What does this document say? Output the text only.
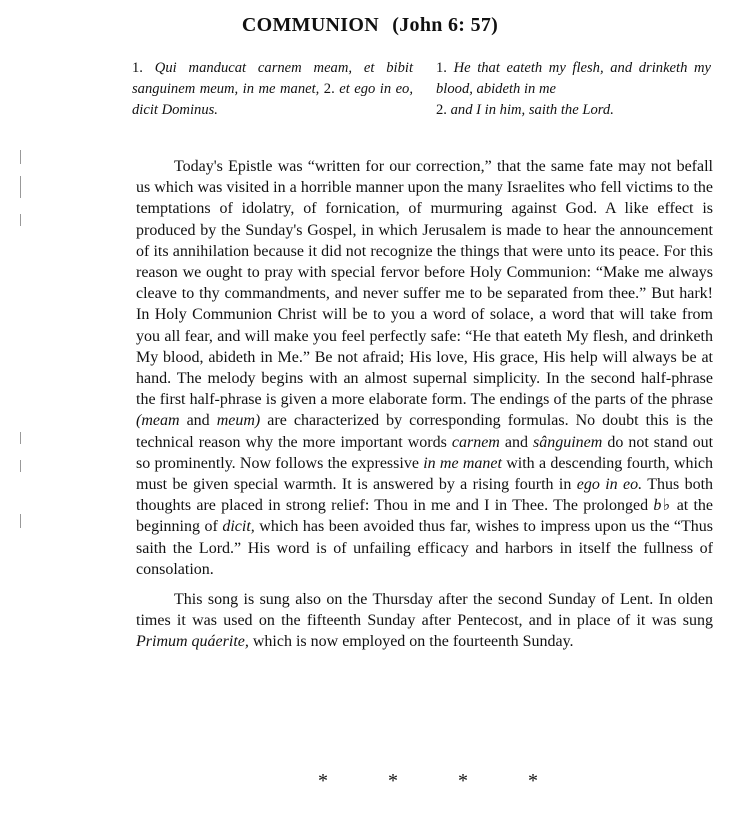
COMMUNION (John 6: 57)
1. Qui manducat carnem meam, et bibit sanguinem meum, in me manet, 2. et ego in eo, dicit Dominus.
1. He that eateth my flesh, and drinketh my blood, abideth in me
2. and I in him, saith the Lord.

Today's Epistle was “written for our correction,” that the same fate may not befall us which was visited in a horrible manner upon the many Israelites who fell victims to the temptations of idolatry, of fornication, of murmuring against God. A like effect is produced by the Sunday's Gospel, in which Jerusalem is made to hear the announcement of its annihilation because it did not recognize the things that were unto its peace. For this reason we ought to pray with special fervor before Holy Communion: “Make me always cleave to thy commandments, and never suffer me to be separated from thee.” But hark! In Holy Communion Christ will be to you a word of solace, a word that will take from you all fear, and will make you feel perfectly safe: “He that eateth My flesh, and drinketh My blood, abideth in Me.” Be not afraid; His love, His grace, His help will always be at hand. The melody begins with an almost supernal simplicity. In the second half-phrase the first half-phrase is given a more elaborate form. The endings of the parts of the phrase (meam and meum) are characterized by corresponding formulas. No doubt this is the technical reason why the more important words carnem and sânguinem do not stand out so prominently. Now follows the expressive in me manet with a descending fourth, which must be given special warmth. It is answered by a rising fourth in ego in eo. Thus both thoughts are placed in strong relief: Thou in me and I in Thee. The prolonged b♭ at the beginning of dicit, which has been avoided thus far, wishes to impress upon us the “Thus saith the Lord.” His word is of unfailing efficacy and harbors in itself the fullness of consolation.

This song is sung also on the Thursday after the second Sunday of Lent. In olden times it was used on the fifteenth Sunday after Pentecost, and in place of it was sung Primum quáerite, which is now employed on the fourteenth Sunday.

*	*	*	*
